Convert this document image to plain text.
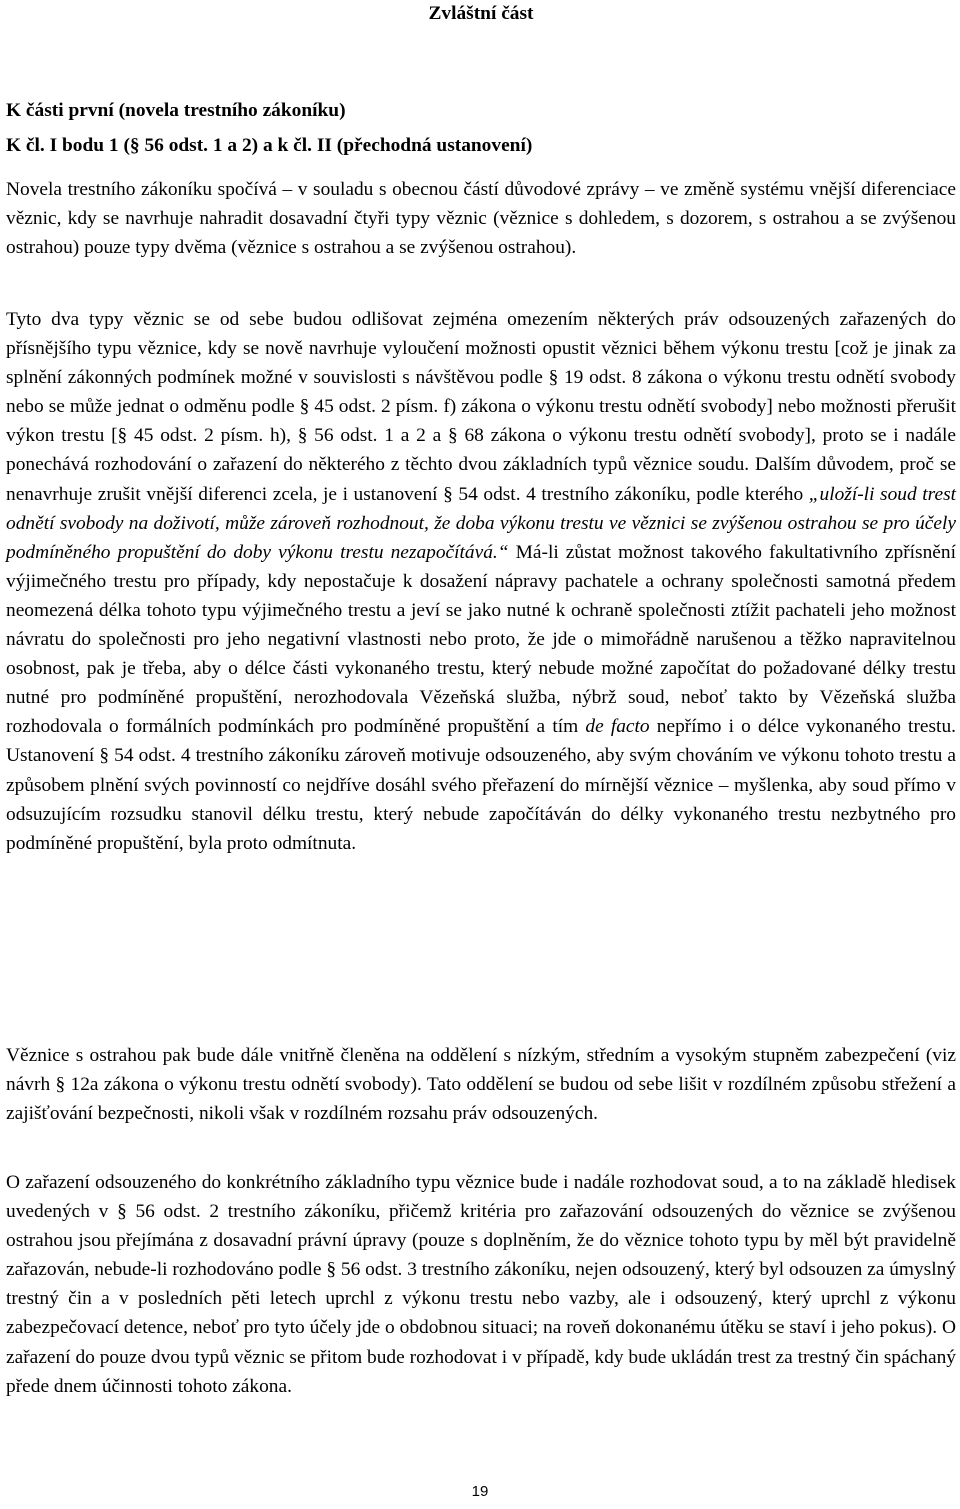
Zvláštní část

K části první (novela trestního zákoníku)

K čl. I bodu 1 (§ 56 odst. 1 a 2) a k čl. II (přechodná ustanovení)

Novela trestního zákoníku spočívá – v souladu s obecnou částí důvodové zprávy – ve změně systému vnější diferenciace věznic, kdy se navrhuje nahradit dosavadní čtyři typy věznic (věznice s dohledem, s dozorem, s ostrahou a se zvýšenou ostrahou) pouze typy dvěma (věznice s ostrahou a se zvýšenou ostrahou).

Tyto dva typy věznic se od sebe budou odlišovat zejména omezením některých práv odsouzených zařazených do přísnějšího typu věznice, kdy se nově navrhuje vyloučení možnosti opustit věznici během výkonu trestu [což je jinak za splnění zákonných podmínek možné v souvislosti s návštěvou podle § 19 odst. 8 zákona o výkonu trestu odnětí svobody nebo se může jednat o odměnu podle § 45 odst. 2 písm. f) zákona o výkonu trestu odnětí svobody] nebo možnosti přerušit výkon trestu [§ 45 odst. 2 písm. h), § 56 odst. 1 a 2 a § 68 zákona o výkonu trestu odnětí svobody], proto se i nadále ponechává rozhodování o zařazení do některého z těchto dvou základních typů věznice soudu. Dalším důvodem, proč se nenavrhuje zrušit vnější diferenci zcela, je i ustanovení § 54 odst. 4 trestního zákoníku, podle kterého „uloží-li soud trest odnětí svobody na doživotí, může zároveň rozhodnout, že doba výkonu trestu ve věznici se zvýšenou ostrahou se pro účely podmíněného propuštění do doby výkonu trestu nezapočítává.“ Má-li zůstat možnost takového fakultativního zpřísnění výjimečného trestu pro případy, kdy nepostačuje k dosažení nápravy pachatele a ochrany společnosti samotná předem neomezená délka tohoto typu výjimečného trestu a jeví se jako nutné k ochraně společnosti ztížit pachateli jeho možnost návratu do společnosti pro jeho negativní vlastnosti nebo proto, že jde o mimořádně narušenou a těžko napravitelnou osobnost, pak je třeba, aby o délce části vykonaného trestu, který nebude možné započítat do požadované délky trestu nutné pro podmíněné propuštění, nerozhodovala Vězeňská služba, nýbrž soud, neboť takto by Vězeňská služba rozhodovala o formálních podmínkách pro podmíněné propuštění a tím de facto nepřímo i o délce vykonaného trestu. Ustanovení § 54 odst. 4 trestního zákoníku zároveň motivuje odsouzeného, aby svým chováním ve výkonu tohoto trestu a způsobem plnění svých povinností co nejdříve dosáhl svého přeřazení do mírnější věznice – myšlenka, aby soud přímo v odsuzujícím rozsudku stanovil délku trestu, který nebude započítáván do délky vykonaného trestu nezbytného pro podmíněné propuštění, byla proto odmítnuta.

Věznice s ostrahou pak bude dále vnitřně členěna na oddělení s nízkým, středním a vysokým stupněm zabezpečení (viz návrh § 12a zákona o výkonu trestu odnětí svobody). Tato oddělení se budou od sebe lišit v rozdílném způsobu střežení a zajišťování bezpečnosti, nikoli však v rozdílném rozsahu práv odsouzených.

O zařazení odsouzeného do konkrétního základního typu věznice bude i nadále rozhodovat soud, a to na základě hledisek uvedených v § 56 odst. 2 trestního zákoníku, přičemž kritéria pro zařazování odsouzených do věznice se zvýšenou ostrahou jsou přejímána z dosavadní právní úpravy (pouze s doplněním, že do věznice tohoto typu by měl být pravidelně zařazován, nebude-li rozhodováno podle § 56 odst. 3 trestního zákoníku, nejen odsouzený, který byl odsouzen za úmyslný trestný čin a v posledních pěti letech uprchl z výkonu trestu nebo vazby, ale i odsouzený, který uprchl z výkonu zabezpečovací detence, neboť pro tyto účely jde o obdobnou situaci; na roveň dokonanému útěku se staví i jeho pokus). O zařazení do pouze dvou typů věznic se přitom bude rozhodovat i v případě, kdy bude ukládán trest za trestný čin spáchaný přede dnem účinnosti tohoto zákona.

19
